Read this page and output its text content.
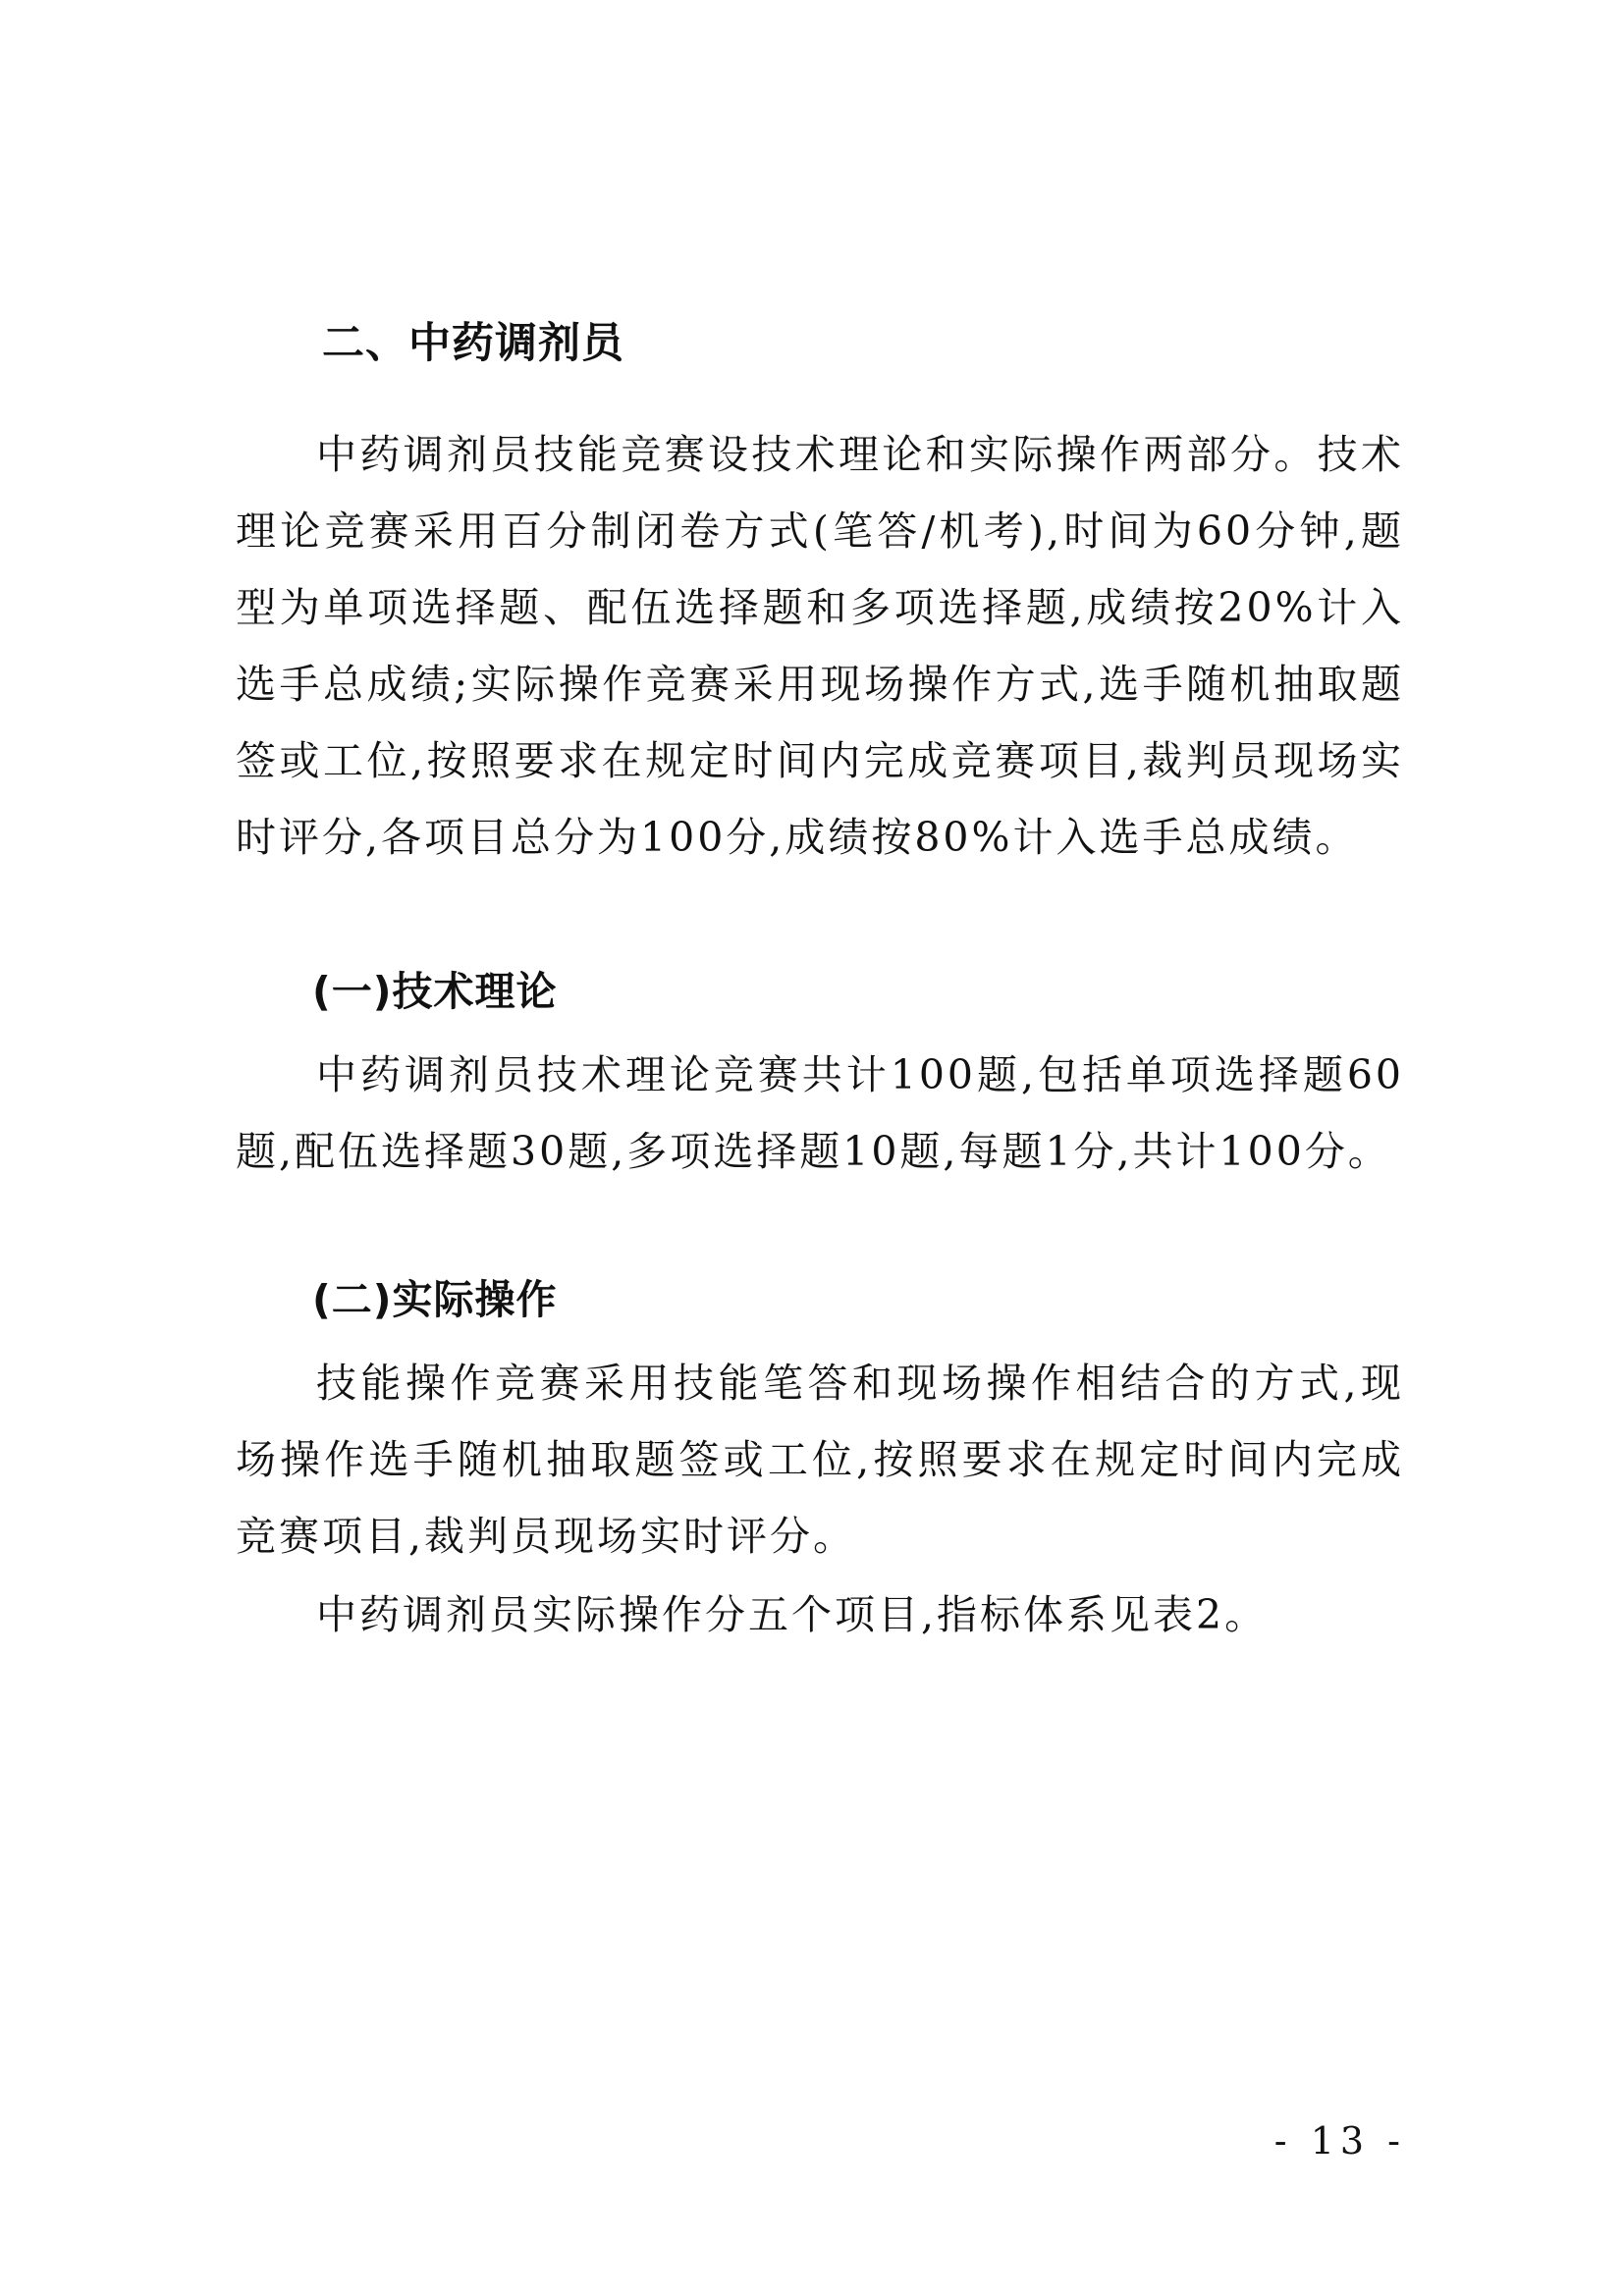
二、中药调剂员

中药调剂员技能竞赛设技术理论和实际操作两部分。技术理论竞赛采用百分制闭卷方式(笔答/机考),时间为60分钟,题型为单项选择题、配伍选择题和多项选择题,成绩按20%计入选手总成绩;实际操作竞赛采用现场操作方式,选手随机抽取题签或工位,按照要求在规定时间内完成竞赛项目,裁判员现场实时评分,各项目总分为100分,成绩按80%计入选手总成绩。

(一)技术理论

中药调剂员技术理论竞赛共计100题,包括单项选择题60题,配伍选择题30题,多项选择题10题,每题1分,共计100分。

(二)实际操作

技能操作竞赛采用技能笔答和现场操作相结合的方式,现场操作选手随机抽取题签或工位,按照要求在规定时间内完成竞赛项目,裁判员现场实时评分。

中药调剂员实际操作分五个项目,指标体系见表2。

- 13 -
